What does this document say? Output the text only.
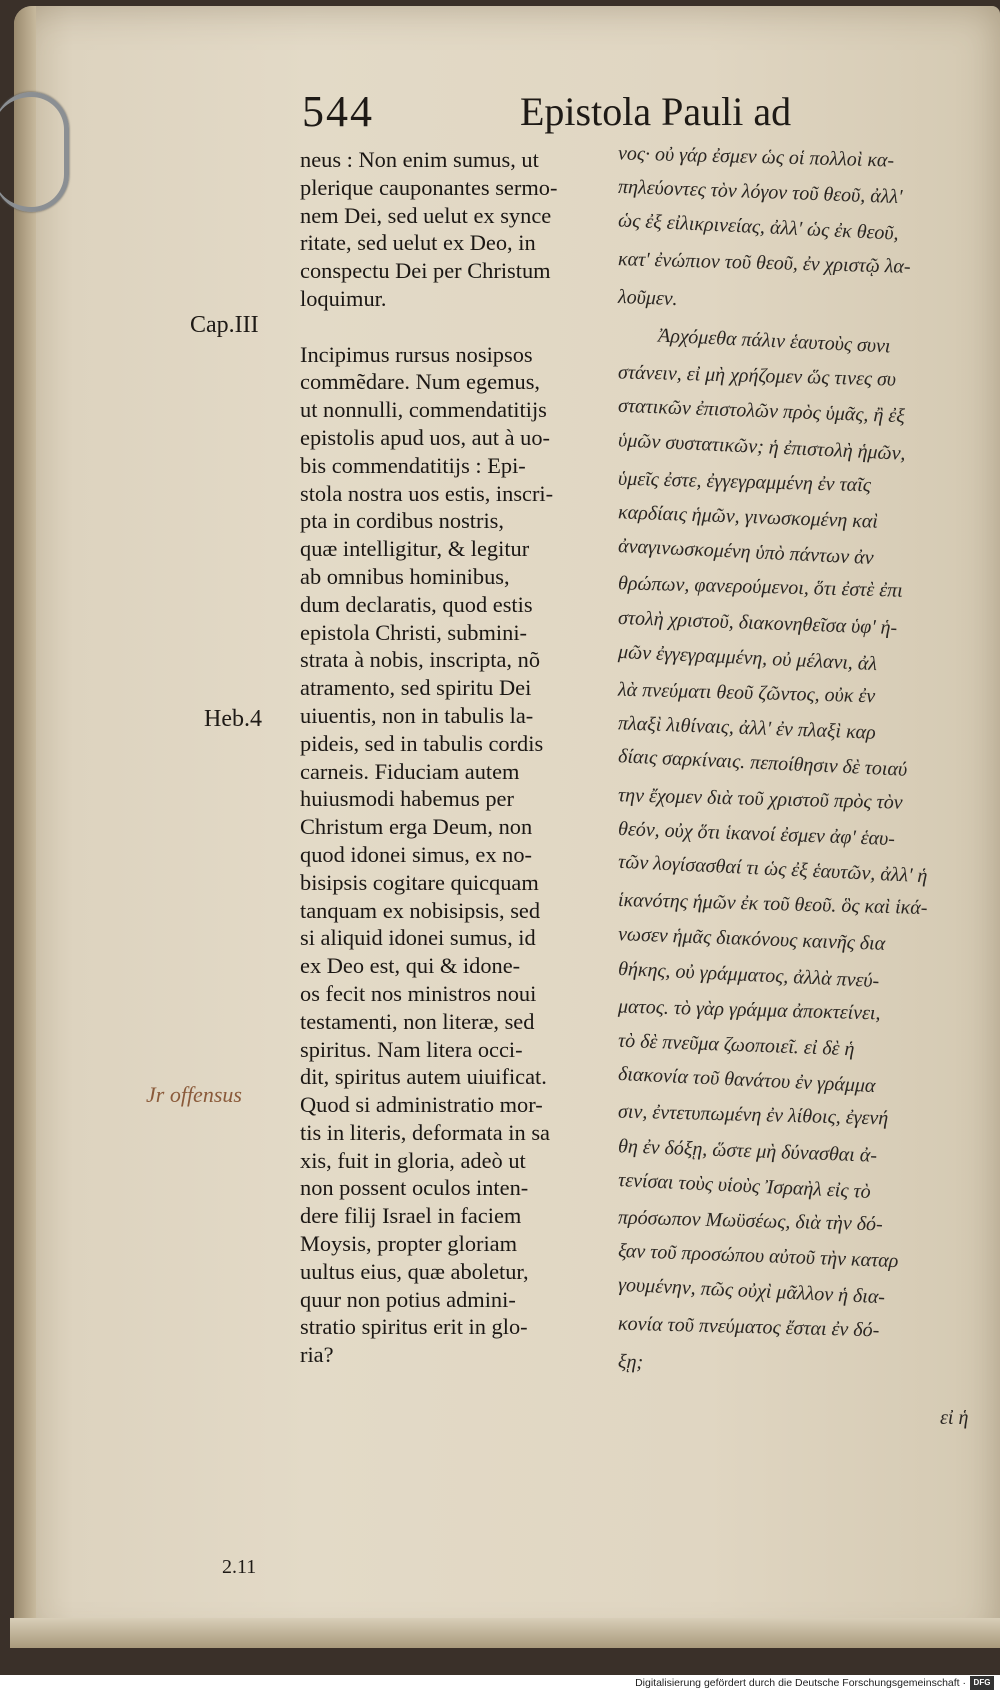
544	Epistola Pauli ad
Cap.III
Heb.4
Jr offensus
neus : Non enim sumus, ut
plerique cauponantes sermo-
nem Dei, sed uelut ex synce
ritate, sed uelut ex Deo, in
conspectu Dei per Christum
loquimur.

Incipimus rursus nosipsos
commẽdare. Num egemus,
ut nonnulli, commendatitijs
epistolis apud uos, aut à uo-
bis commendatitijs : Epi-
stola nostra uos estis, inscri-
pta in cordibus nostris,
quæ intelligitur, & legitur
ab omnibus hominibus,
dum declaratis, quod estis
epistola Christi, submini-
strata à nobis, inscripta, nõ
atramento, sed spiritu Dei
uiuentis, non in tabulis la-
pideis, sed in tabulis cordis
carneis. Fiduciam autem
huiusmodi habemus per
Christum erga Deum, non
quod idonei simus, ex no-
bisipsis cogitare quicquam
tanquam ex nobisipsis, sed
si aliquid idonei sumus, id
ex Deo est, qui & idone-
os fecit nos ministros noui
testamenti, non literæ, sed
spiritus. Nam litera occi-
dit, spiritus autem uiuificat.
Quod si administratio mor-
tis in literis, deformata in sa
xis, fuit in gloria, adeò ut
non possent oculos inten-
dere filij Israel in faciem
Moysis, propter gloriam
uultus eius, quæ aboletur,
quur non potius admini-
stratio spiritus erit in glo-
ria?
νος· οὐ γάρ ἐσμεν ὡς οἱ πολλοὶ κα-
πηλεύοντες τὸν λόγον τοῦ θεοῦ, ἀλλ'
ὡς ἐξ εἰλικρινείας, ἀλλ' ὡς ἐκ θεοῦ,
κατ' ἐνώπιον τοῦ θεοῦ, ἐν χριστῷ λα-
λοῦμεν.
Ἀρχόμεθα πάλιν ἑαυτοὺς συνι
στάνειν, εἰ μὴ χρήζομεν ὥς τινες συ
στατικῶν ἐπιστολῶν πρὸς ὑμᾶς, ἢ ἐξ
ὑμῶν συστατικῶν; ἡ ἐπιστολὴ ἡμῶν,
ὑμεῖς ἐστε, ἐγγεγραμμένη ἐν ταῖς
καρδίαις ἡμῶν, γινωσκομένη καὶ
ἀναγινωσκομένη ὑπὸ πάντων ἀν
θρώπων, φανερούμενοι, ὅτι ἐστὲ ἐπι
στολὴ χριστοῦ, διακονηθεῖσα ὑφ' ἡ-
μῶν ἐγγεγραμμένη, οὐ μέλανι, ἀλ
λὰ πνεύματι θεοῦ ζῶντος, οὐκ ἐν
πλαξὶ λιθίναις, ἀλλ' ἐν πλαξὶ καρ
δίαις σαρκίναις. πεποίθησιν δὲ τοιαύ
την ἔχομεν διὰ τοῦ χριστοῦ πρὸς τὸν
θεόν, οὐχ ὅτι ἱκανοί ἐσμεν ἀφ' ἑαυ-
τῶν λογίσασθαί τι ὡς ἐξ ἑαυτῶν, ἀλλ' ἡ
ἱκανότης ἡμῶν ἐκ τοῦ θεοῦ. ὃς καὶ ἱκά-
νωσεν ἡμᾶς διακόνους καινῆς δια
θήκης, οὐ γράμματος, ἀλλὰ πνεύ-
ματος. τὸ γὰρ γράμμα ἀποκτείνει,
τὸ δὲ πνεῦμα ζωοποιεῖ. εἰ δὲ ἡ
διακονία τοῦ θανάτου ἐν γράμμα
σιν, ἐντετυπωμένη ἐν λίθοις, ἐγενή
θη ἐν δόξῃ, ὥστε μὴ δύνασθαι ἀ-
τενίσαι τοὺς υἱοὺς Ἰσραὴλ εἰς τὸ
πρόσωπον Μωϋσέως, διὰ τὴν δό-
ξαν τοῦ προσώπου αὐτοῦ τὴν καταρ
γουμένην, πῶς οὐχὶ μᾶλλον ἡ δια-
κονία τοῦ πνεύματος ἔσται ἐν δό-
ξῃ;
εἰ ἡ
2.11
Digitalisierung gefördert durch die Deutsche Forschungsgemeinschaft · DFG
